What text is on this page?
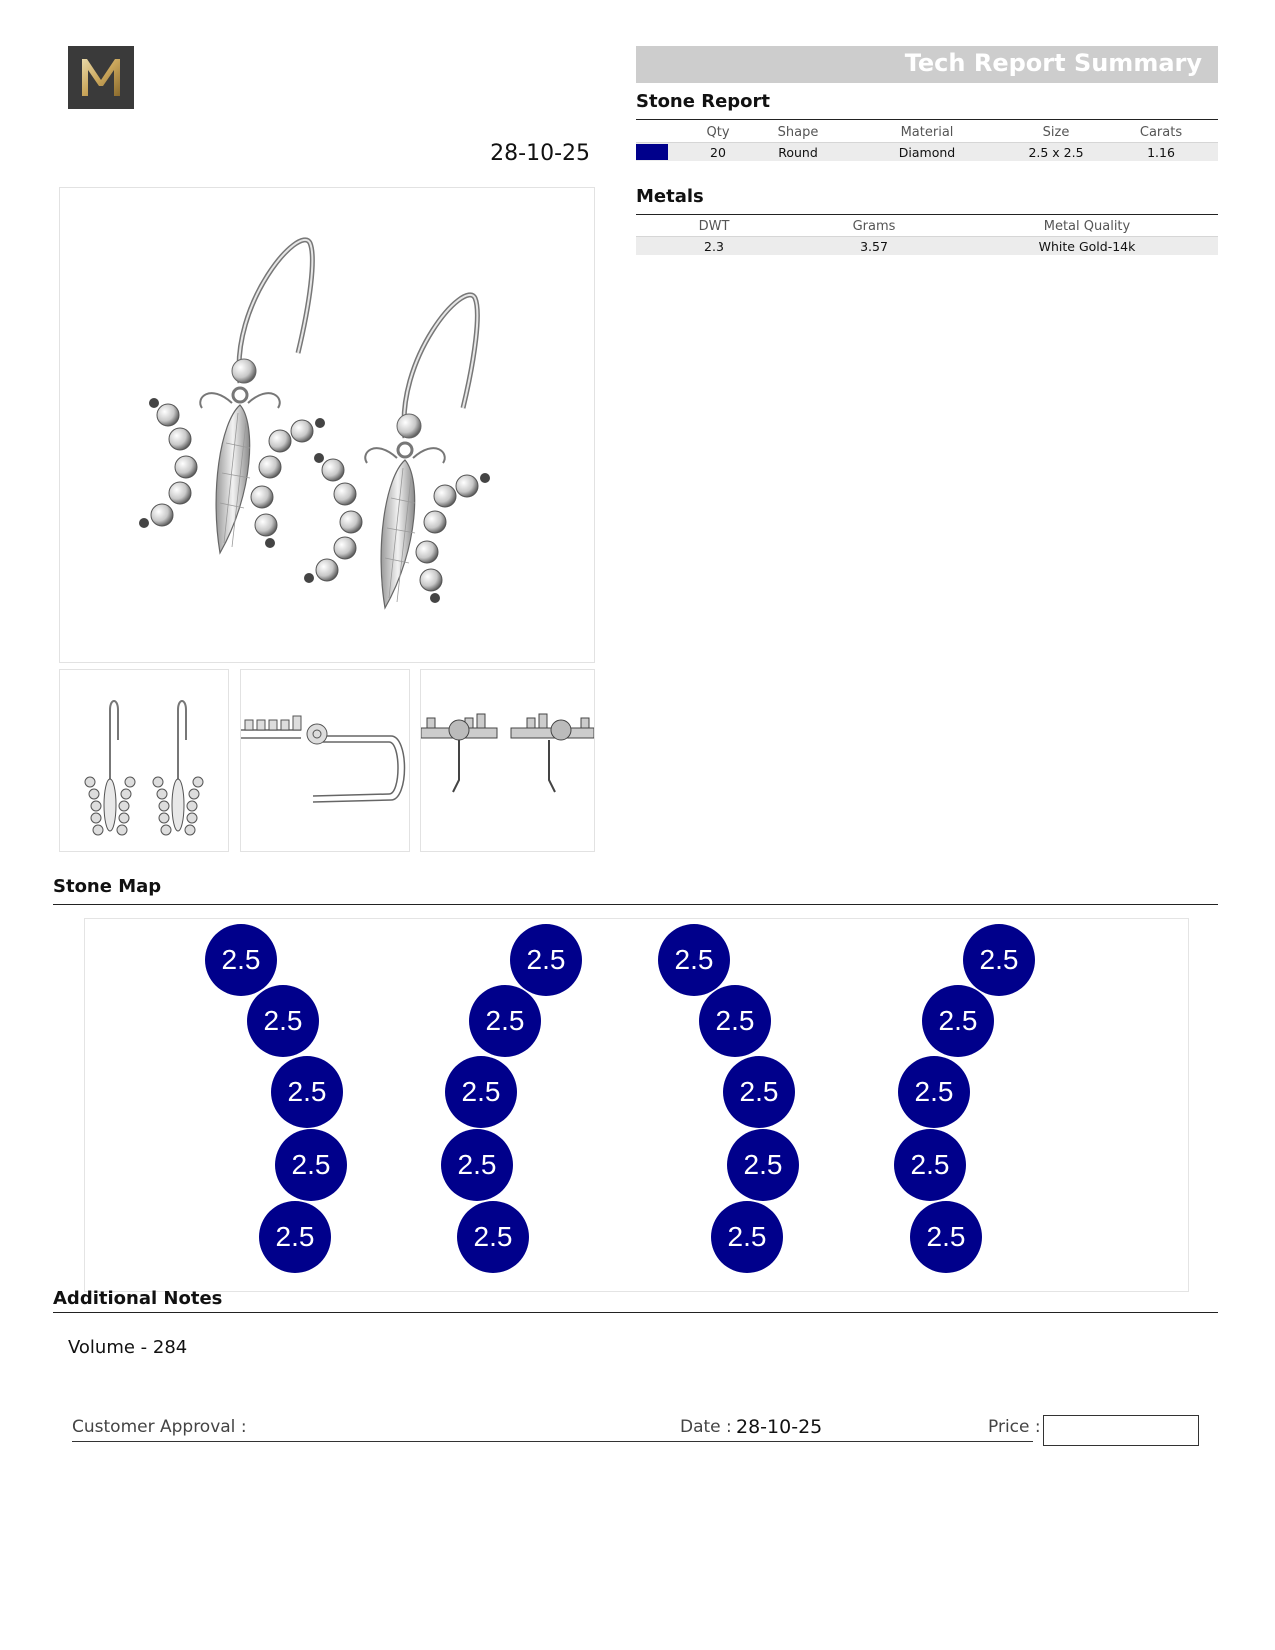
28-10-25
Tech Report Summary
Stone Report
	Qty	Shape	Material	Size	Carats
	20	Round	Diamond	2.5 x 2.5	1.16
Metals
DWT	Grams	Metal Quality
2.3	3.57	White Gold-14k
Stone Map
2.5
2.5
2.5
2.5
2.5
2.5
2.5
2.5
2.5
2.5
2.5
2.5
2.5
2.5
2.5
2.5
2.5
2.5
2.5
2.5
Additional Notes
Volume - 284
Customer Approval :	Date : 28-10-25	Price :
